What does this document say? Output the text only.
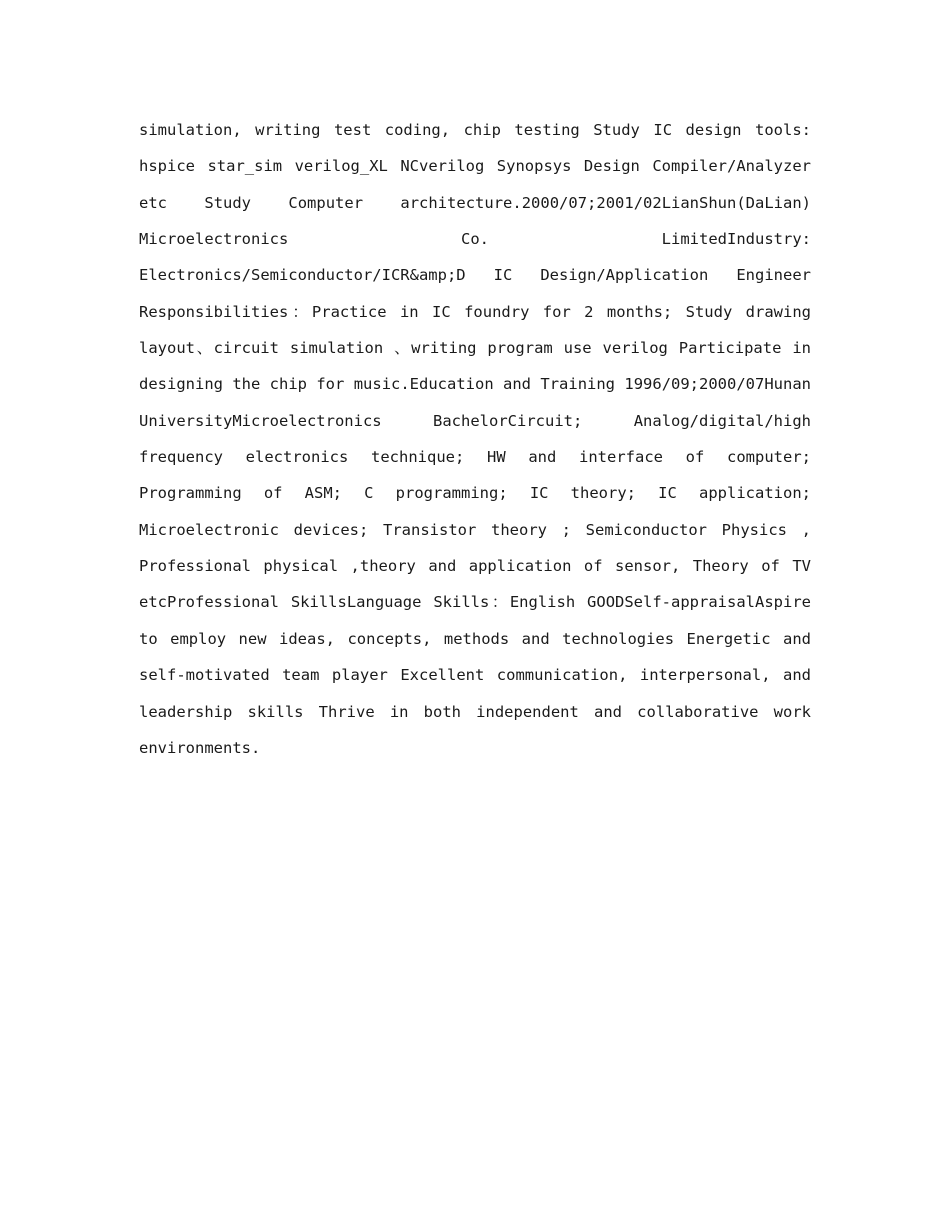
simulation, writing test coding, chip testing Study IC design tools:
hspice star_sim verilog_XL NCverilog Synopsys Design Compiler/Analyzer
etc Study Computer architecture.2000/07;2001/02LianShun(DaLian)
Microelectronics Co. LimitedIndustry:
Electronics/Semiconductor/ICR&amp;D IC Design/Application Engineer
Responsibilities：Practice in IC foundry for 2 months; Study drawing
layout、circuit simulation 、writing program use verilog Participate in
designing the chip for music.Education and Training 1996/09;2000/07Hunan
UniversityMicroelectronics BachelorCircuit; Analog/digital/high
frequency electronics technique; HW and interface of computer;
Programming of ASM; C programming; IC theory; IC application;
Microelectronic devices; Transistor theory ; Semiconductor Physics ,
Professional physical ,theory and application of sensor, Theory of TV
etcProfessional SkillsLanguage Skills：English GOODSelf-appraisalAspire
to employ new ideas, concepts, methods and technologies Energetic and
self-motivated team player Excellent communication, interpersonal, and
leadership skills Thrive in both independent and collaborative work
environments.
